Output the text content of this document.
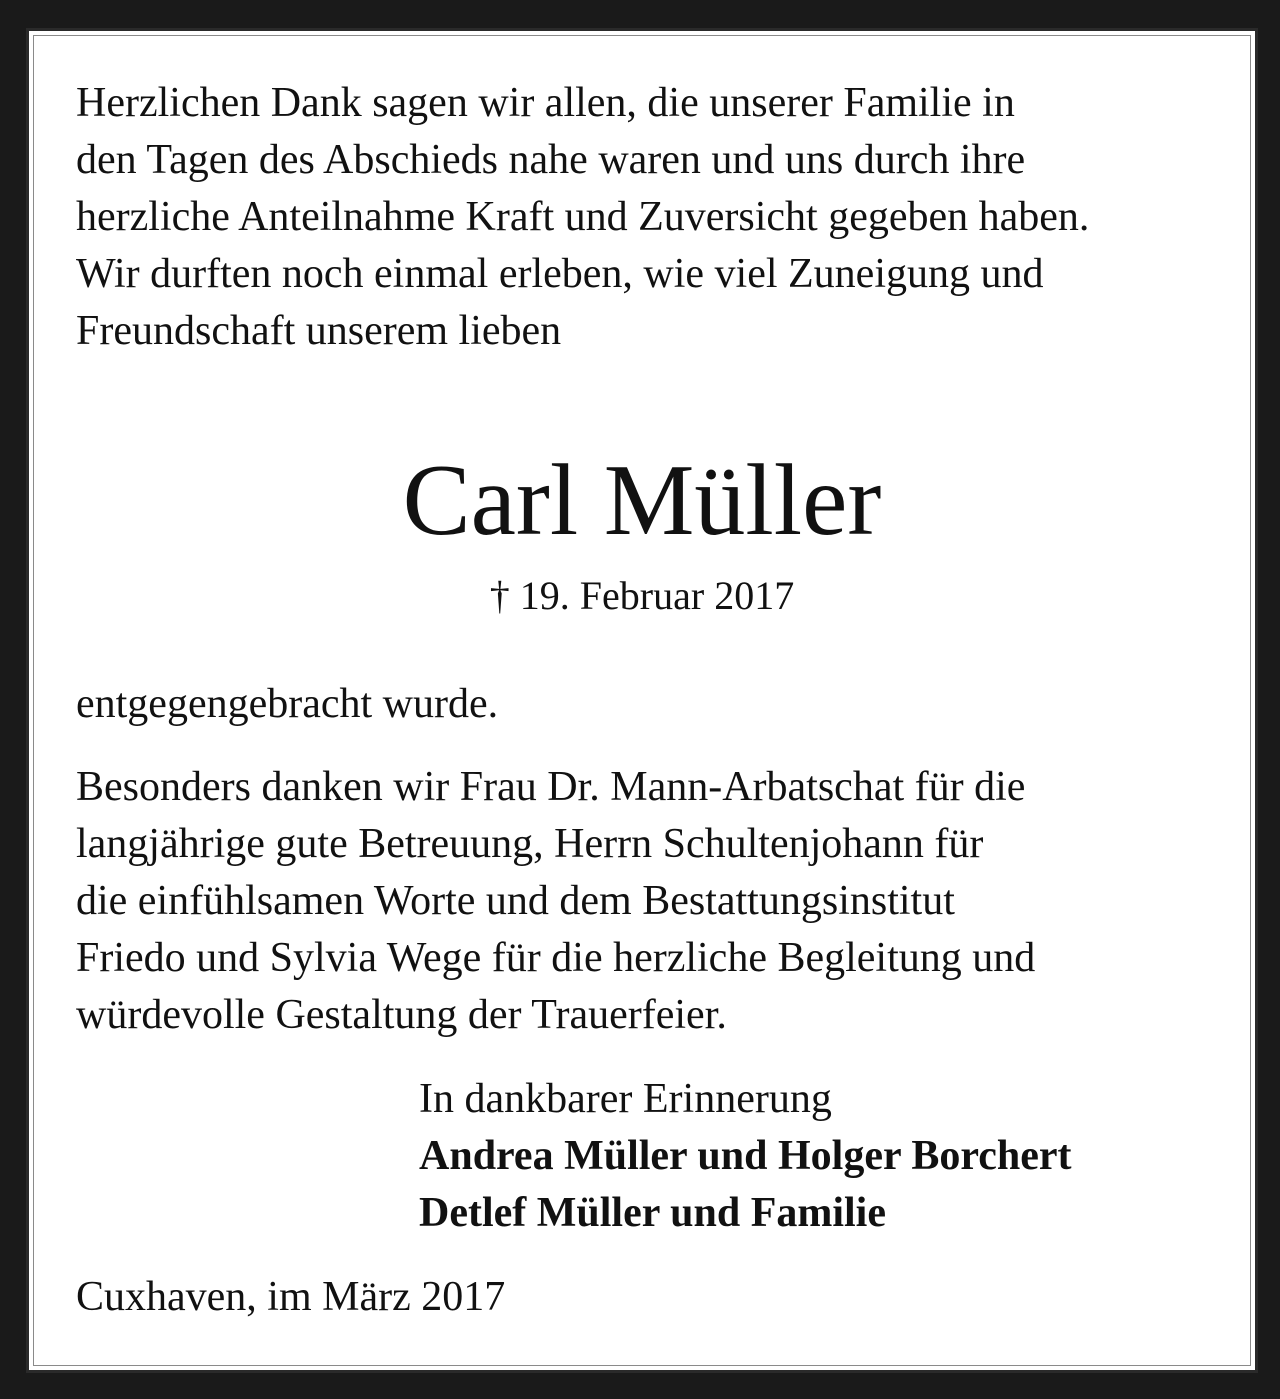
Herzlichen Dank sagen wir allen, die unserer Familie in
den Tagen des Abschieds nahe waren und uns durch ihre
herzliche Anteilnahme Kraft und Zuversicht gegeben haben.
Wir durften noch einmal erleben, wie viel Zuneigung und
Freundschaft unserem lieben
Carl Müller

† 19. Februar 2017

entgegengebracht wurde.

Besonders danken wir Frau Dr. Mann-Arbatschat für die
langjährige gute Betreuung, Herrn Schultenjohann für
die einfühlsamen Worte und dem Bestattungsinstitut
Friedo und Sylvia Wege für die herzliche Begleitung und
würdevolle Gestaltung der Trauerfeier.
In dankbarer Erinnerung
Andrea Müller und Holger Borchert
Detlef Müller und Familie

Cuxhaven, im März 2017
